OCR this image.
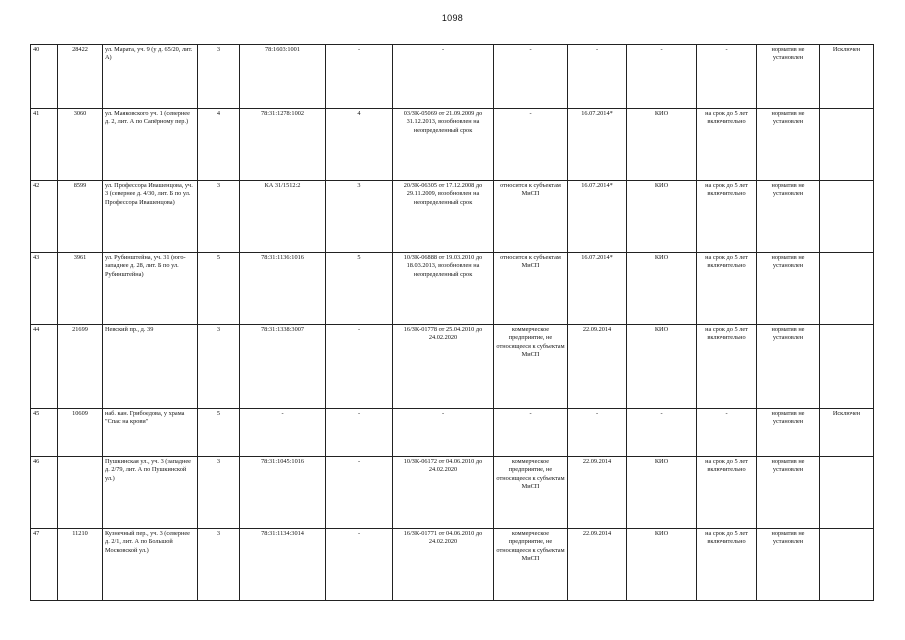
1098
40	28422	ул. Марата, уч. 9 (у д. 65/20, лит. А)	3	78:1603:1001	-	-	-	-	-	-	норматив не установлен	Исключен
41	3060	ул. Маяковского уч. 1 (севернее д. 2, лит. А по Сапёрному пер.)	4	78:31:1278:1002	4	03/ЗК-05069 от 21.09.2009 до 31.12.2013, возобновлен на неопределенный срок	-	16.07.2014*	КИО	на срок до 5 лет включительно	норматив не установлен	
42	8599	ул. Профессора Ивашенцова, уч. 3 (севернее д. 4/30, лит. Б по ул. Профессора Ивашенцова)	3	КА 31/1512:2	3	20/ЗК-06305 от 17.12.2008 до 29.11.2009, возобновлен на неопределенный срок	относится к субъектам МиСП	16.07.2014*	КИО	на срок до 5 лет включительно	норматив не установлен	
43	3961	ул. Рубинштейна, уч. 31 (юго-западнее д. 28, лит. Б по ул. Рубинштейна)	5	78:31:1136:1016	5	10/ЗК-06888 от 19.03.2010 до 18.03.2013, возобновлен на неопределенный срок	относится к субъектам МиСП	16.07.2014*	КИО	на срок до 5 лет включительно	норматив не установлен	
44	21699	Невский пр., д. 39	3	78:31:1338:3007	-	16/ЗК-01778 от 25.04.2010 до 24.02.2020	коммерческое предприятие, не относящееся к субъектам МиСП	22.09.2014	КИО	на срок до 5 лет включительно	норматив не установлен	
45	10609	наб. кан. Грибоедова, у храма "Спас на крови"	5	-	-	-	-	-	-	-	норматив не установлен	Исключен
46		Пушкинская ул., уч. 3 (западнее д. 2/79, лит. А по Пушкинской ул.)	3	78:31:1045:1016	-	10/ЗК-06172 от 04.06.2010 до 24.02.2020	коммерческое предприятие, не относящееся к субъектам МиСП	22.09.2014	КИО	на срок до 5 лет включительно	норматив не установлен	
47	11210	Кузнечный пер., уч. 3 (севернее д. 2/1, лит. А по Большой Московской ул.)	3	78:31:1134:3014	-	16/ЗК-01771 от 04.06.2010 до 24.02.2020	коммерческое предприятие, не относящееся к субъектам МиСП	22.09.2014	КИО	на срок до 5 лет включительно	норматив не установлен	
